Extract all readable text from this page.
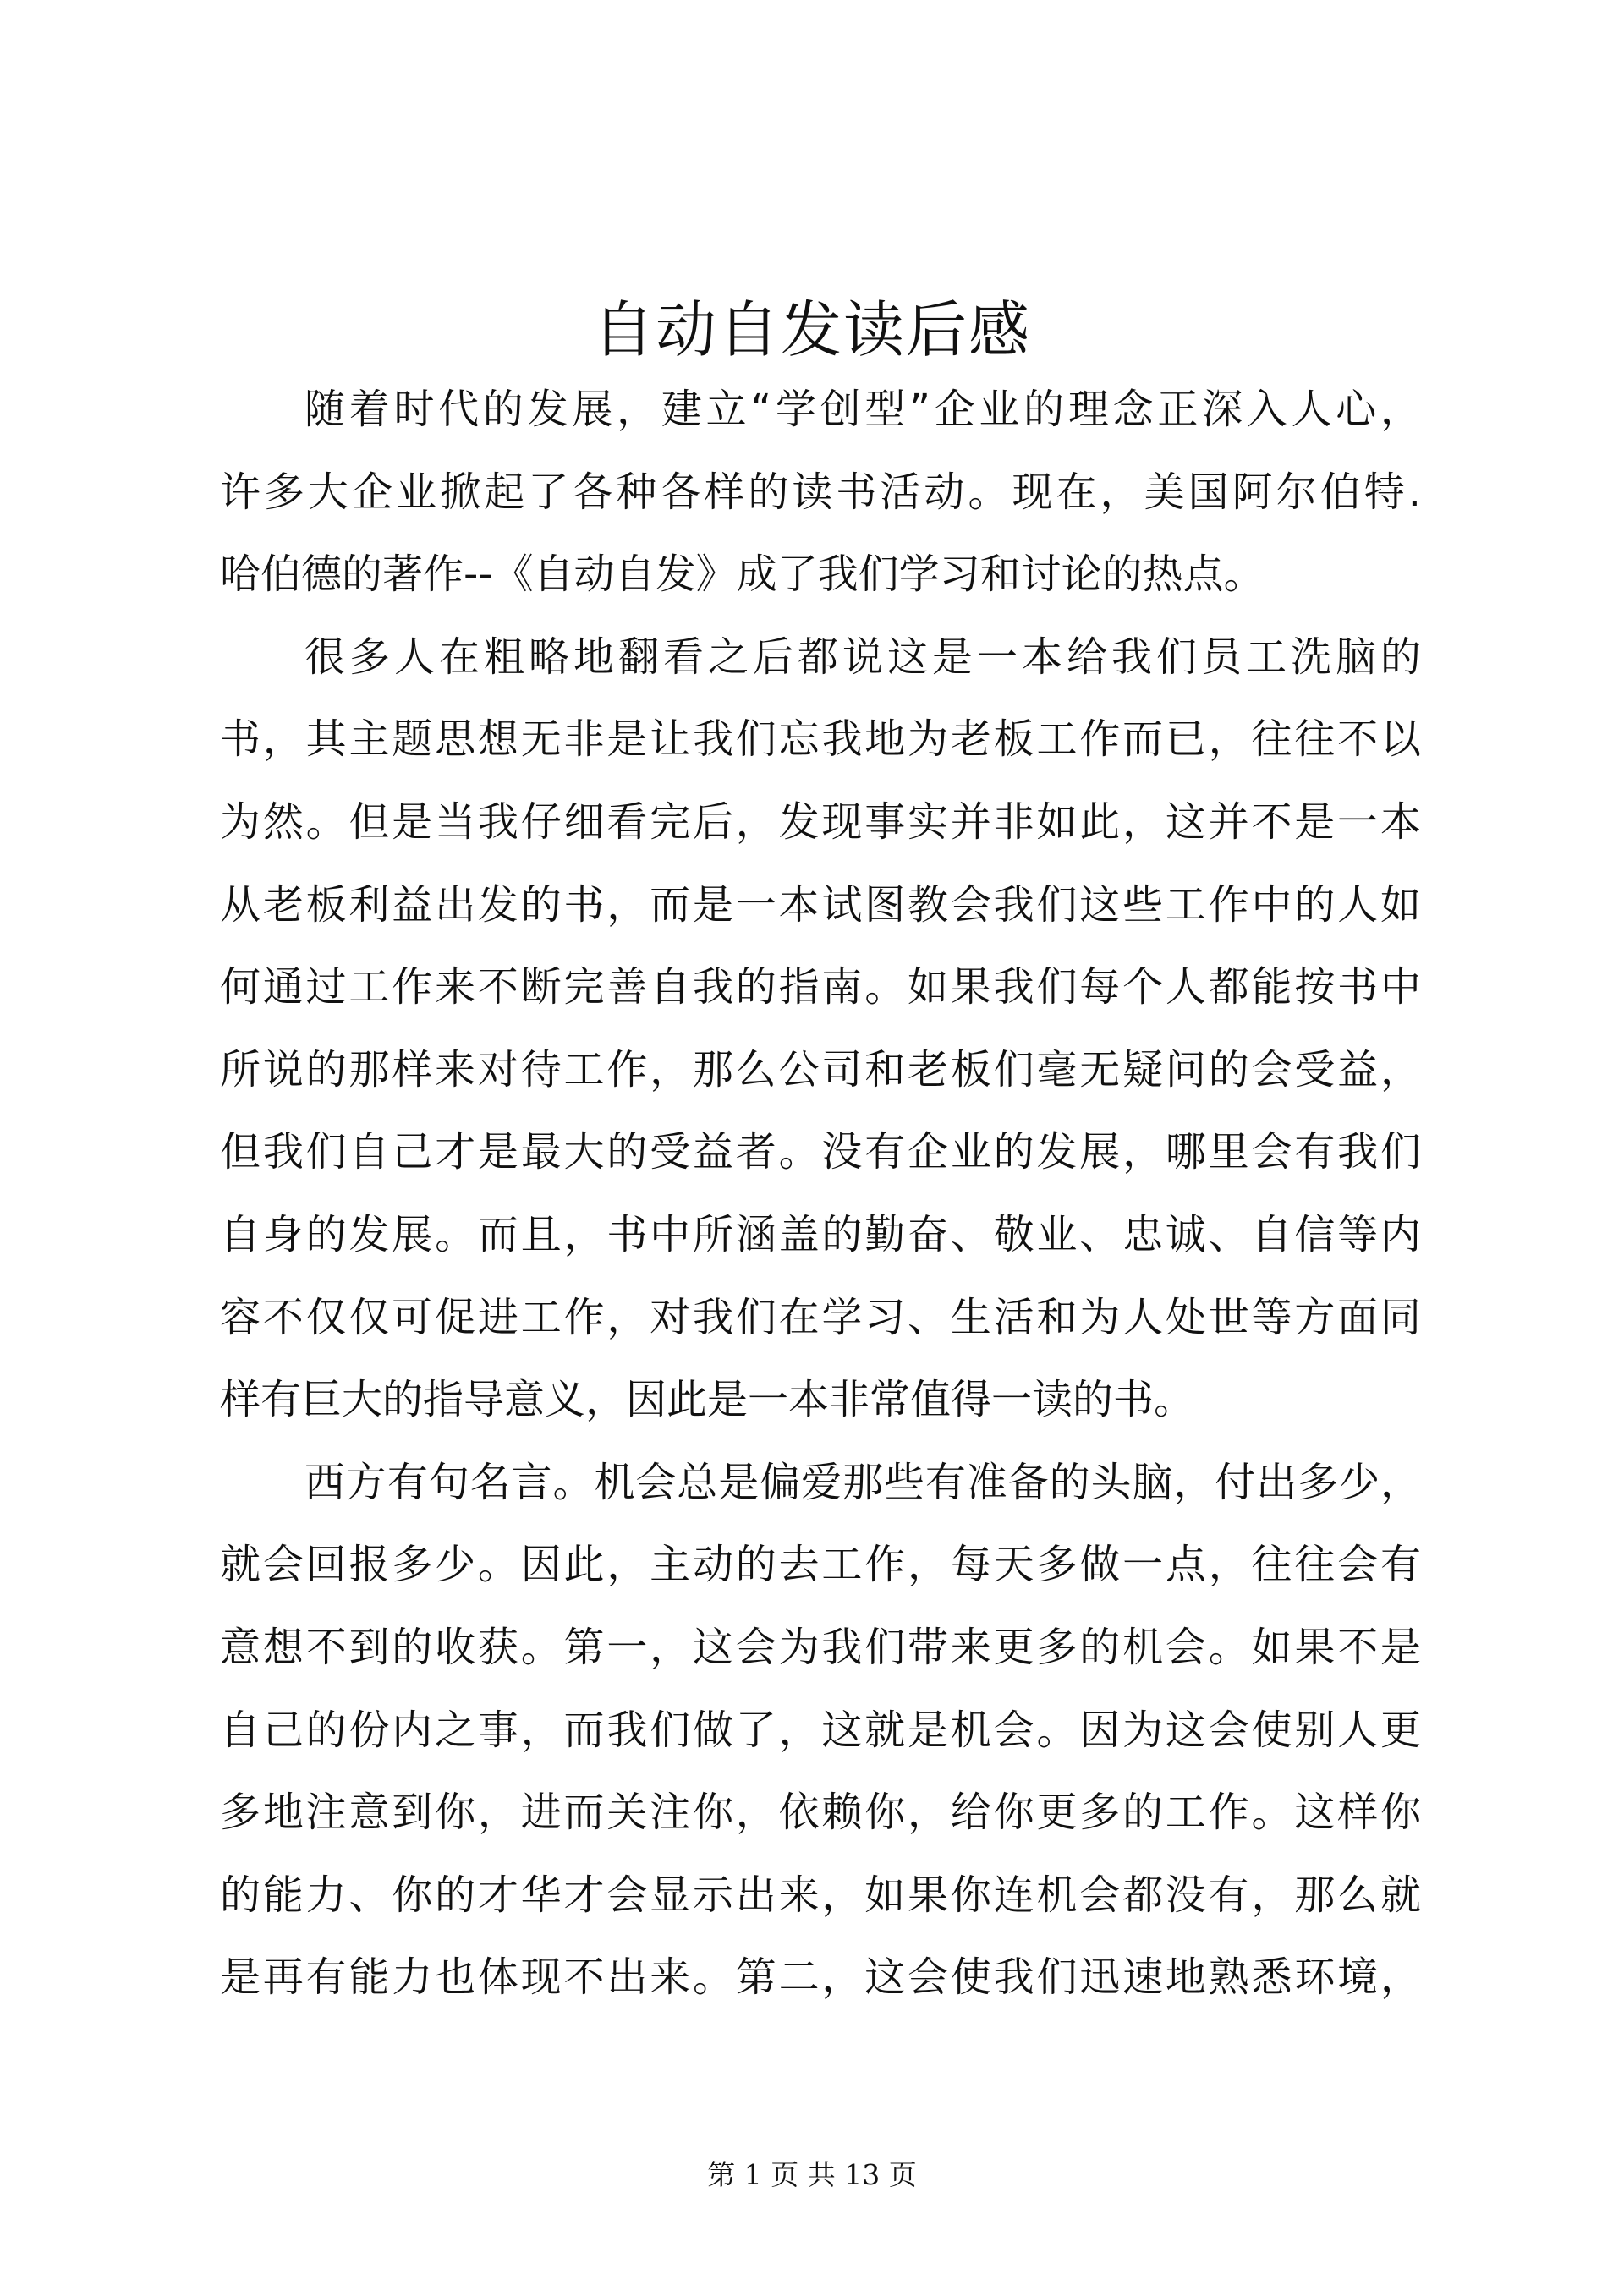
自动自发读后感
随着时代的发展，建立“学创型”企业的理念正深入人心，
许多大企业掀起了各种各样的读书活动。现在，美国阿尔伯特.
哈伯德的著作--《自动自发》成了我们学习和讨论的热点。
很多人在粗略地翻看之后都说这是一本给我们员工洗脑的
书，其主题思想无非是让我们忘我地为老板工作而已，往往不以
为然。但是当我仔细看完后，发现事实并非如此，这并不是一本
从老板利益出发的书，而是一本试图教会我们这些工作中的人如
何通过工作来不断完善自我的指南。如果我们每个人都能按书中
所说的那样来对待工作，那么公司和老板们毫无疑问的会受益，
但我们自己才是最大的受益者。没有企业的发展，哪里会有我们
自身的发展。而且，书中所涵盖的勤奋、敬业、忠诚、自信等内
容不仅仅可促进工作，对我们在学习、生活和为人处世等方面同
样有巨大的指导意义，因此是一本非常值得一读的书。
西方有句名言。机会总是偏爱那些有准备的头脑，付出多少，
就会回报多少。因此，主动的去工作，每天多做一点，往往会有
意想不到的收获。第一，这会为我们带来更多的机会。如果不是
自己的份内之事，而我们做了，这就是机会。因为这会使别人更
多地注意到你，进而关注你，依赖你，给你更多的工作。这样你
的能力、你的才华才会显示出来，如果你连机会都没有，那么就
是再有能力也体现不出来。第二，这会使我们迅速地熟悉环境，
第 1 页 共 13 页
